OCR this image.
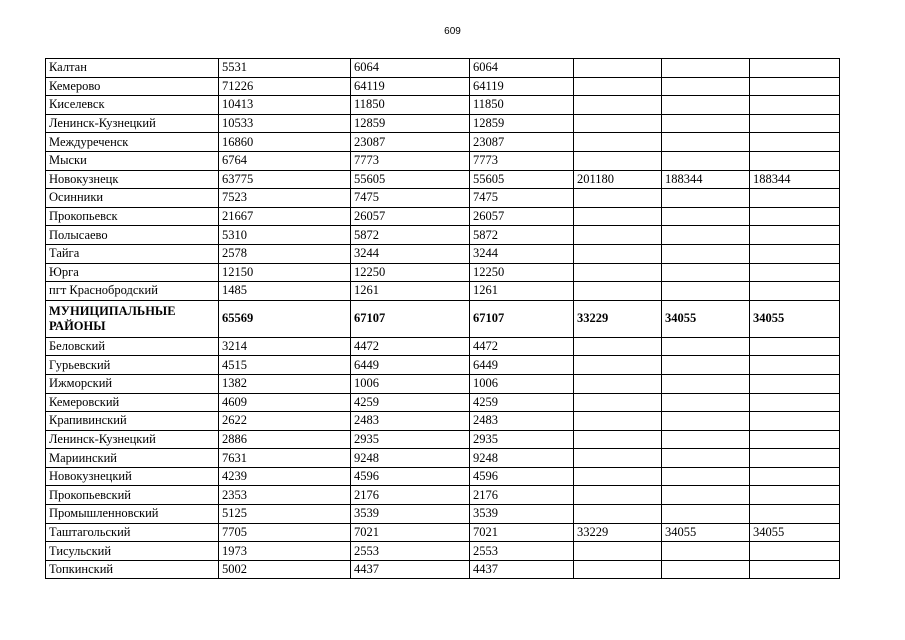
609
Калтан	5531	6064	6064			
Кемерово	71226	64119	64119			
Киселевск	10413	11850	11850			
Ленинск-Кузнецкий	10533	12859	12859			
Междуреченск	16860	23087	23087			
Мыски	6764	7773	7773			
Новокузнецк	63775	55605	55605	201180	188344	188344
Осинники	7523	7475	7475			
Прокопьевск	21667	26057	26057			
Полысаево	5310	5872	5872			
Тайга	2578	3244	3244			
Юрга	12150	12250	12250			
пгт Краснобродский	1485	1261	1261			
МУНИЦИПАЛЬНЫЕ РАЙОНЫ	65569	67107	67107	33229	34055	34055
Беловский	3214	4472	4472			
Гурьевский	4515	6449	6449			
Ижморский	1382	1006	1006			
Кемеровский	4609	4259	4259			
Крапивинский	2622	2483	2483			
Ленинск-Кузнецкий	2886	2935	2935			
Мариинский	7631	9248	9248			
Новокузнецкий	4239	4596	4596			
Прокопьевский	2353	2176	2176			
Промышленновский	5125	3539	3539			
Таштагольский	7705	7021	7021	33229	34055	34055
Тисульский	1973	2553	2553			
Топкинский	5002	4437	4437			
